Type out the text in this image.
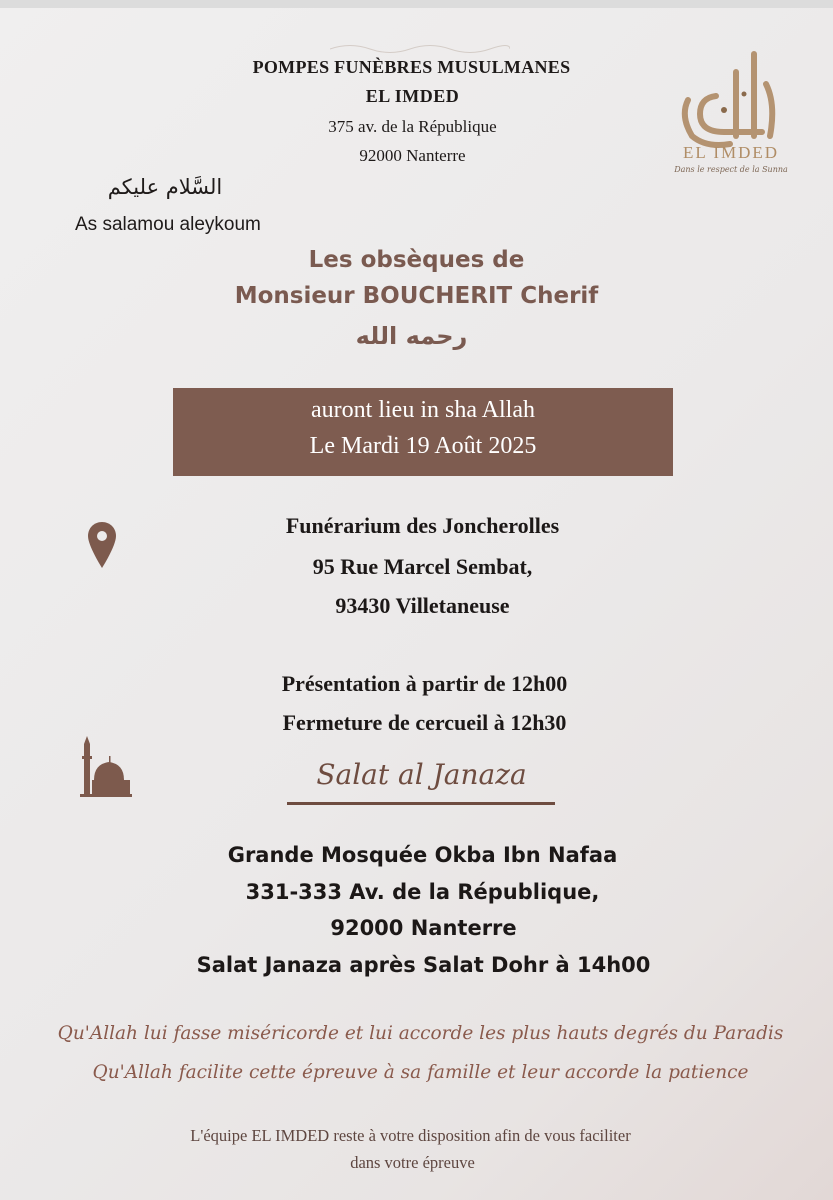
POMPES FUNÈBRES MUSULMANES
EL IMDED
375 av. de la République
92000 Nanterre	EL IMDED
Dans le respect de la Sunna
السَّلام عليكم
As salamou aleykoum
Les obsèques de
Monsieur BOUCHERIT Cherif
رحمه الله
auront lieu in sha Allah
Le Mardi 19 Août 2025
Funérarium des Joncherolles
95 Rue Marcel Sembat,
93430 Villetaneuse
Présentation à partir de 12h00
Fermeture de cercueil à 12h30
Salat al Janaza
Grande Mosquée Okba Ibn Nafaa
331-333 Av. de la République,
92000 Nanterre
Salat Janaza après Salat Dohr à 14h00
Qu'Allah lui fasse miséricorde et lui accorde les plus hauts degrés du Paradis
Qu'Allah facilite cette épreuve à sa famille et leur accorde la patience
L'équipe EL IMDED reste à votre disposition afin de vous faciliter
dans votre épreuve
